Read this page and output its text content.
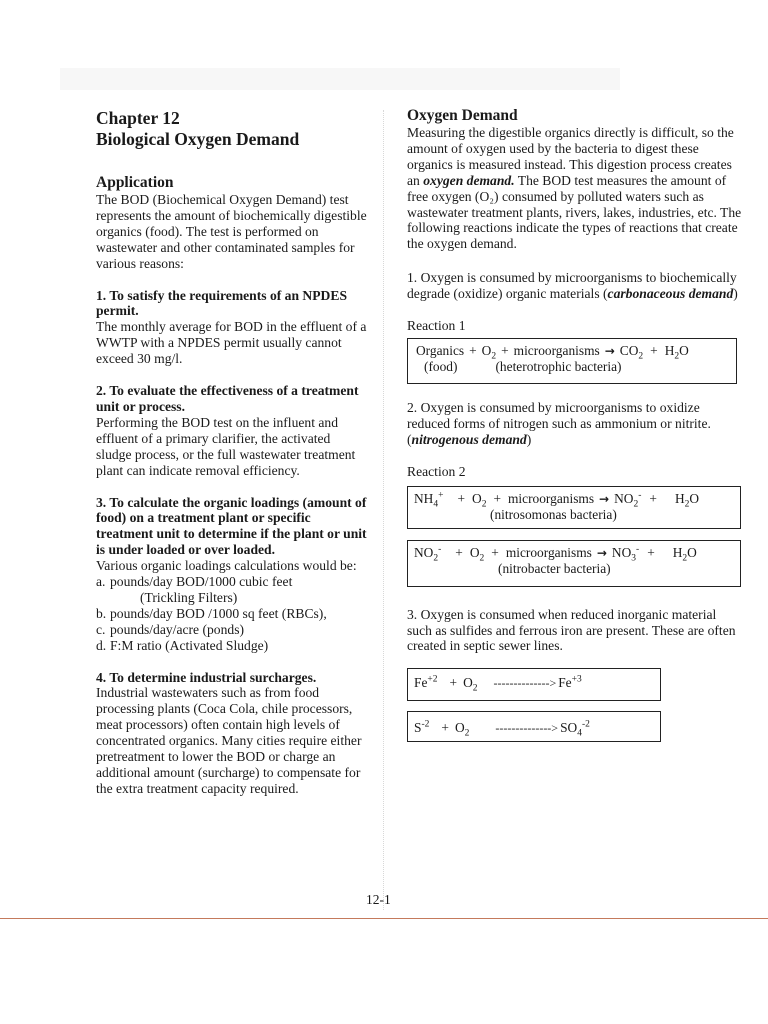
Chapter 12
Biological Oxygen Demand
Application

The BOD (Biochemical Oxygen Demand) test represents the amount of biochemically digestible organics (food). The test is performed on wastewater and other contaminated samples for various reasons:

1. To satisfy the requirements of an NPDES permit.

The monthly average for BOD in the effluent of a WWTP with a NPDES permit usually cannot exceed 30 mg/l.

2. To evaluate the effectiveness of a treatment unit or process.

Performing the BOD test on the influent and effluent of a primary clarifier, the activated sludge process, or the full wastewater treatment plant can indicate removal efficiency.

3. To calculate the organic loadings (amount of food) on a treatment plant or specific treatment unit to determine if the plant or unit is under loaded or over loaded.

Various organic loadings calculations would be:

a. pounds/day BOD/1000 cubic feet
(Trickling Filters)
b. pounds/day BOD /1000 sq feet (RBCs),
c. pounds/day/acre (ponds)
d. F:M ratio (Activated Sludge)

4. To determine industrial surcharges.

Industrial wastewaters such as from food processing plants (Coca Cola, chile processors, meat processors) often contain high levels of concentrated organics. Many cities require either pretreatment to lower the BOD or charge an additional amount (surcharge) to compensate for the extra treatment capacity required.

Oxygen Demand

Measuring the digestible organics directly is difficult, so the amount of oxygen used by the bacteria to digest these organics is measured instead. This digestion process creates an oxygen demand. The BOD test measures the amount of free oxygen (O₂) consumed by polluted waters such as wastewater treatment plants, rivers, lakes, industries, etc. The following reactions indicate the types of reactions that create the oxygen demand.

1. Oxygen is consumed by microorganisms to biochemically degrade (oxidize) organic materials (carbonaceous demand)

Reaction 1

Organics + $O_2$ + microorganisms → $CO_2 + H_2O$
(food)	(heterotrophic bacteria)

2. Oxygen is consumed by microorganisms to oxidize reduced forms of nitrogen such as ammonium or nitrite. (nitrogenous demand)

Reaction 2

$NH_4^+ + O_2$ + microorganisms → $NO_2^- + H_2O$
(nitrosomonas bacteria)
$NO_2^- + O_2$ + microorganisms → $NO_3^- + H_2O$
(nitrobacter bacteria)

3. Oxygen is consumed when reduced inorganic material such as sulfides and ferrous iron are present. These are often created in septic sewer lines.

$Fe^{+2} + O_2$ --------------> $Fe^{+3}$
$S^{-2} + O_2$ --------------> $SO_4^{-2}$
12-1
